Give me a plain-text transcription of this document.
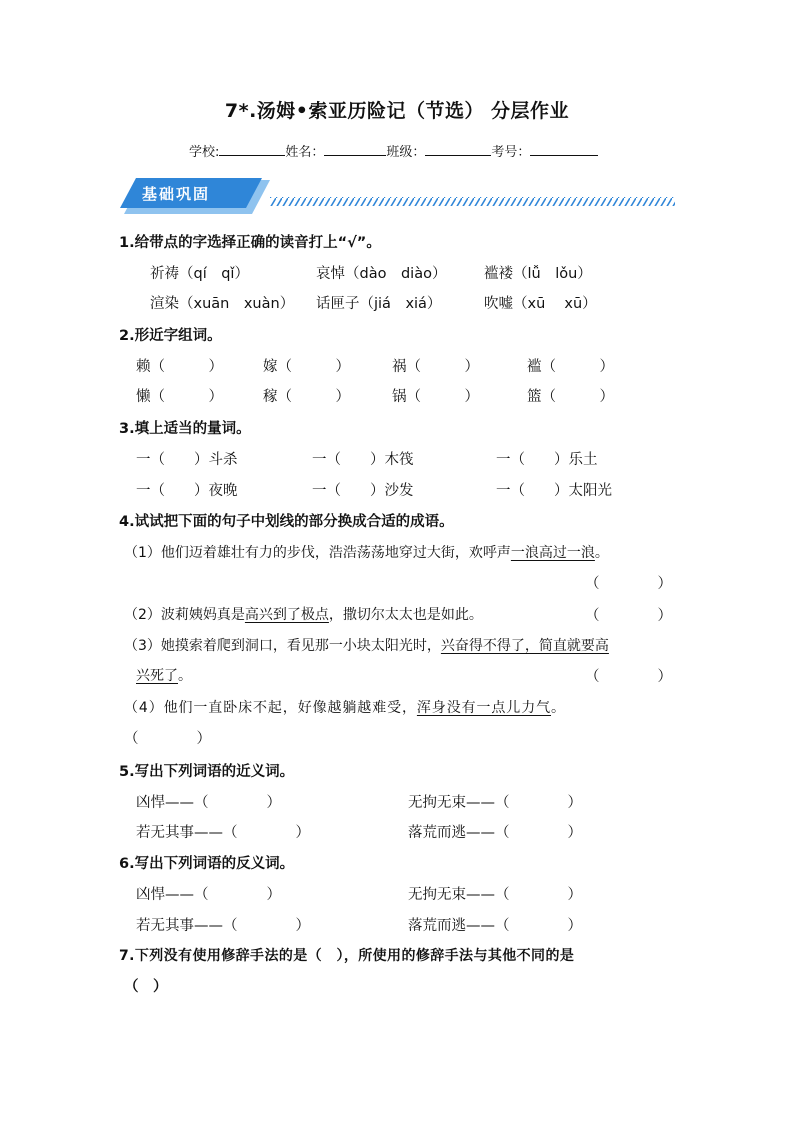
7*.汤姆•索亚历险记（节选） 分层作业
学校:	姓名：	班级：	考号：
基础巩固
1.给带点的字选择正确的读音打上“√”。
祈祷（qí　qǐ）	哀悼（dào　diào）	褴褛（lǚ　lǒu）
渲染（xuān　xuàn） 话匣子（jiá　xiá）	吹嘘（xū　 xū）
2.形近字组词。
赖（　　　）	嫁（　　　）	祸（　　　）	褴（　　　）
懒（　　　）	稼（　　　）	锅（　　　）	篮（　　　）
3.填上适当的量词。
一（　　）斗杀	一（　　）木筏	一（　　）乐土
一（　　）夜晚	一（　　）沙发	一（　　）太阳光
4.试试把下面的句子中划线的部分换成合适的成语。
（1）他们迈着雄壮有力的步伐，浩浩荡荡地穿过大街，欢呼声一浪高过一浪。
（　　　　）
（2）波莉姨妈真是高兴到了极点，撒切尔太太也是如此。	（　　　　）
（3）她摸索着爬到洞口，看见那一小块太阳光时，兴奋得不得了，简直就要高
兴死了。	（　　　　）
（4）他们一直卧床不起，好像越躺越难受，浑身没有一点儿力气。
（　　　　）
5.写出下列词语的近义词。
凶悍——（　　　　）	无拘无束——（　　　　）
若无其事——（　　　　）	落荒而逃——（　　　　）
6.写出下列词语的反义词。
凶悍——（　　　　）	无拘无束——（　　　　）
若无其事——（　　　　）	落荒而逃——（　　　　）
7.下列没有使用修辞手法的是（　），所使用的修辞手法与其他不同的是
（　）
